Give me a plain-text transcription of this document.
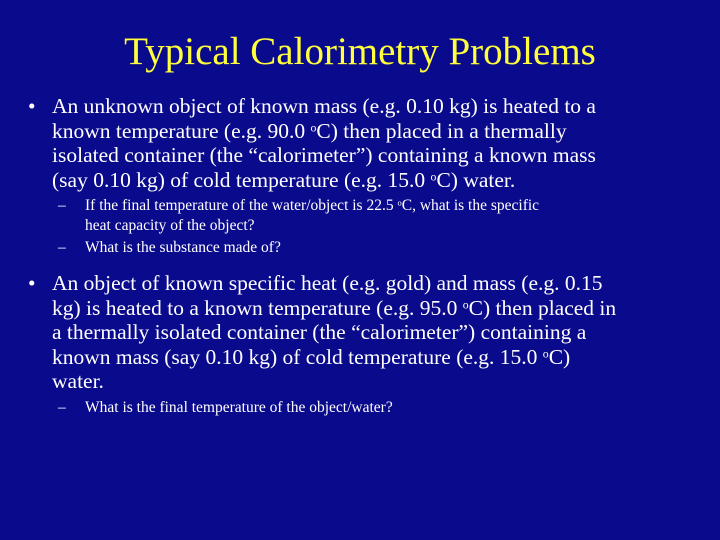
Typical Calorimetry Problems
• An unknown object of known mass (e.g. 0.10 kg) is heated to a
known temperature (e.g. 90.0 $^o$C) then placed in a thermally
isolated container (the “calorimeter”) containing a known mass
(say 0.10 kg) of cold temperature (e.g. 15.0 $^o$C) water.
– If the final temperature of the water/object is 22.5 $^o$C, what is the specific
heat capacity of the object?
– What is the substance made of?
• An object of known specific heat (e.g. gold) and mass (e.g. 0.15
kg) is heated to a known temperature (e.g. 95.0 $^o$C) then placed in
a thermally isolated container (the “calorimeter”) containing a
known mass (say 0.10 kg) of cold temperature (e.g. 15.0 $^o$C)
water.
– What is the final temperature of the object/water?
